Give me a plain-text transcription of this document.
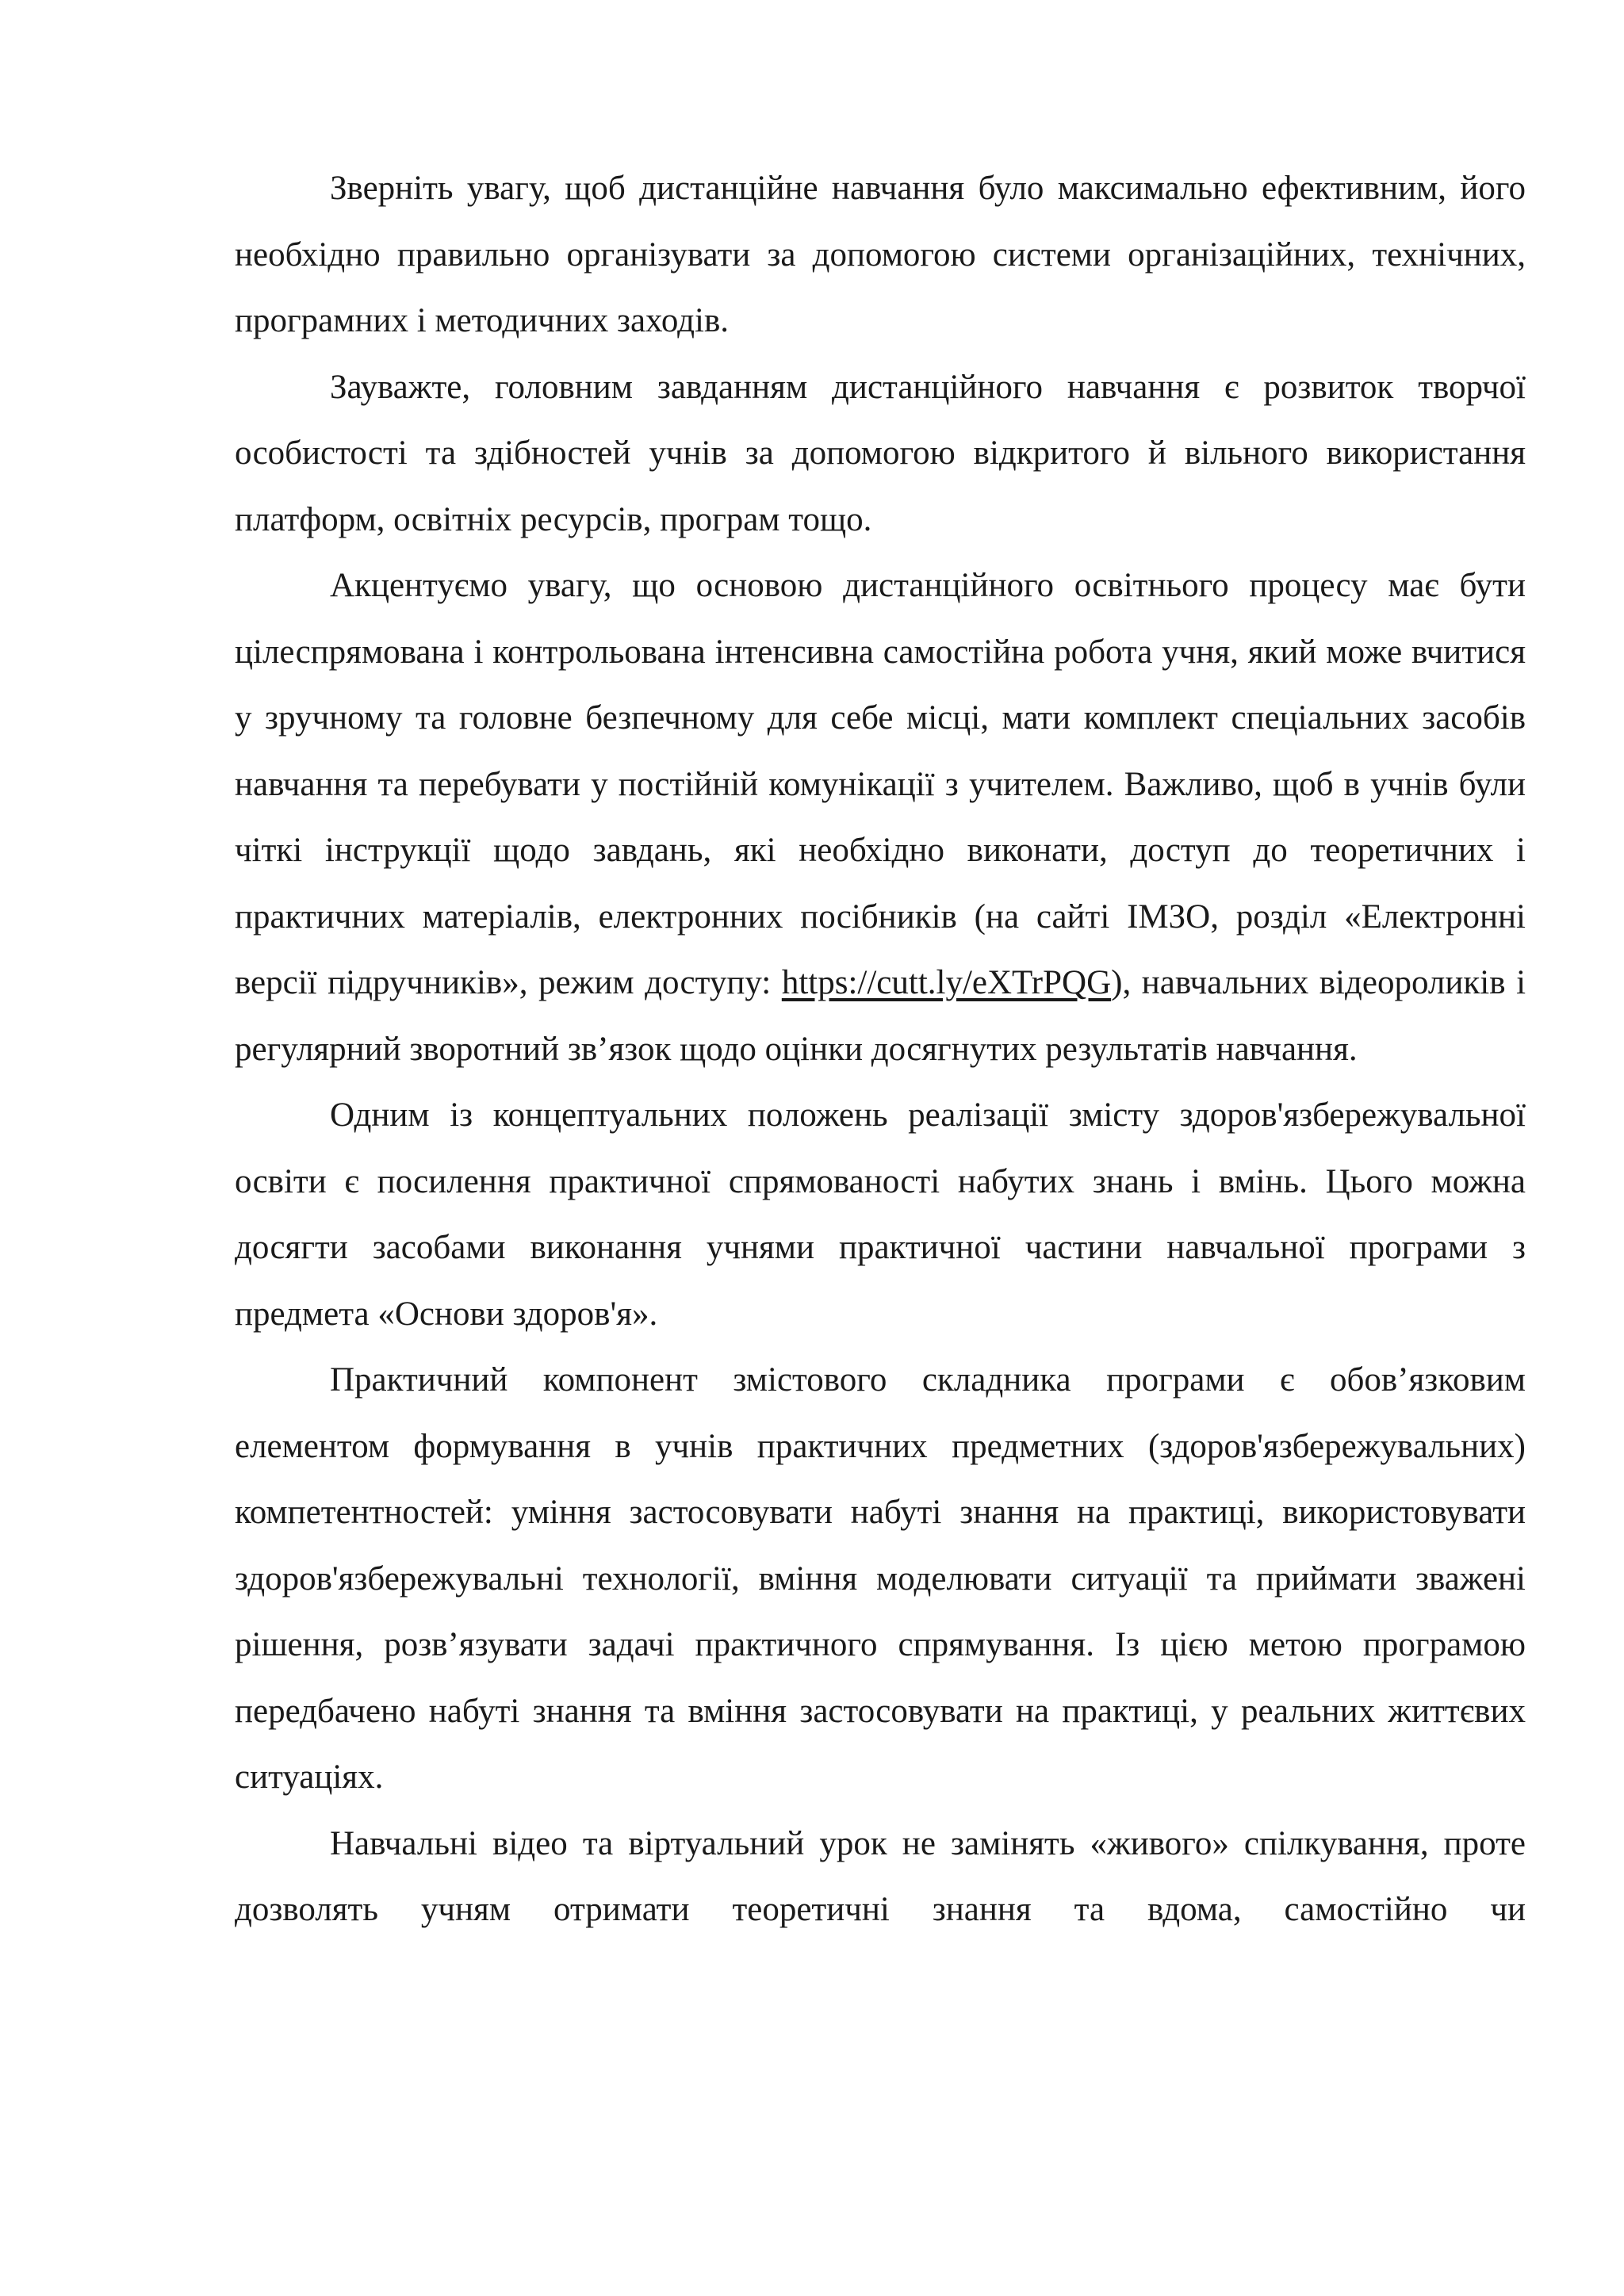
Зверніть увагу, щоб дистанційне навчання було максимально ефективним, його необхідно правильно організувати за допомогою системи організаційних, технічних, програмних і методичних заходів.

Зауважте, головним завданням дистанційного навчання є розвиток творчої особистості та здібностей учнів за допомогою відкритого й вільного використання платформ, освітніх ресурсів, програм тощо.

Акцентуємо увагу, що основою дистанційного освітнього процесу має бути цілеспрямована і контрольована інтенсивна самостійна робота учня, який може вчитися у зручному та головне безпечному для себе місці, мати комплект спеціальних засобів навчання та перебувати у постійній комунікації з учителем. Важливо, щоб в учнів були чіткі інструкції щодо завдань, які необхідно виконати, доступ до теоретичних і практичних матеріалів, електронних посібників (на сайті ІМЗО, розділ «Електронні версії підручників», режим доступу: https://cutt.ly/eXTrPQG), навчальних відеороликів і регулярний зворотний зв’язок щодо оцінки досягнутих результатів навчання.

Одним із концептуальних положень реалізації змісту здоров'язбережувальної освіти є посилення практичної спрямованості набутих знань і вмінь. Цього можна досягти засобами виконання учнями практичної частини навчальної програми з предмета «Основи здоров'я».

Практичний компонент змістового складника програми є обов’язковим елементом формування в учнів практичних предметних (здоров'язбережувальних) компетентностей: уміння застосовувати набуті знання на практиці, використовувати здоров'язбережувальні технології, вміння моделювати ситуації та приймати зважені рішення, розв’язувати задачі практичного спрямування. Із цією метою програмою передбачено набуті знання та вміння застосовувати на практиці, у реальних життєвих ситуаціях.

Навчальні відео та віртуальний урок не замінять «живого» спілкування, проте дозволять учням отримати теоретичні знання та вдома, самостійно чи
